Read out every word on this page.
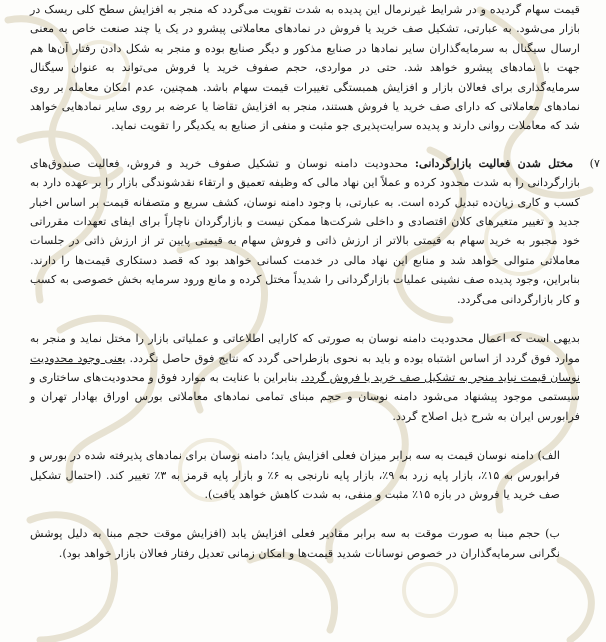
قیمت سهام گردیده و در شرایط غیرنرمال این پدیده به شدت تقویت می‌گردد که منجر به افزایش سطح کلی ریسک در بازار می‌شود. به عبارتی، تشکیل صف خرید یا فروش در نمادهای معاملاتی پیشرو در یک یا چند صنعت خاص به معنی ارسال سیگنال به سرمایه‌گذاران سایر نمادها در صنایع مذکور و دیگر صنایع بوده و منجر به شکل دادن رفتار آن‌ها هم جهت با نمادهای پیشرو خواهد شد. حتی در مواردی، حجم صفوف خرید یا فروش می‌تواند به عنوان سیگنال سرمایه‌گذاری برای فعالان بازار و افزایش همبستگی تغییرات قیمت سهام باشد. همچنین، عدم امکان معامله بر روی نمادهای معاملاتی که دارای صف خرید یا فروش هستند، منجر به افزایش تقاضا یا عرضه بر روی سایر نمادهایی خواهد شد که معاملات روانی دارند و پدیده سرایت‌پذیری جو مثبت و منفی از صنایع به یکدیگر را تقویت نماید.

۷) مختل شدن فعالیت بازارگردانی: محدودیت دامنه نوسان و تشکیل صفوف خرید و فروش، فعالیت صندوق‌های بازارگردانی را به شدت محدود کرده و عملاً این نهاد مالی که وظیفه تعمیق و ارتقاء نقدشوندگی بازار را بر عهده دارد به کسب و کاری زیان‌ده تبدیل کرده است. به عبارتی، با وجود دامنه نوسان، کشف سریع و متصفانه قیمت بر اساس اخبار جدید و تغییر متغیرهای کلان اقتصادی و داخلی شرکت‌ها ممکن نیست و بازارگردان ناچاراً برای ایفای تعهدات مقرراتی خود مجبور به خرید سهام به قیمتی بالاتر از ارزش ذاتی و فروش سهام به قیمتی پایین تر از ارزش ذاتی در جلسات معاملاتی متوالی خواهد شد و منابع این نهاد مالی در خدمت کسانی خواهد بود که قصد دستکاری قیمت‌ها را دارند. بنابراین، وجود پدیده صف نشینی عملیات بازارگردانی را شدیداً مختل کرده و مانع ورود سرمایه بخش خصوصی به کسب و کار بازارگردانی می‌گردد.

بدیهی است که اعمال محدودیت دامنه نوسان به صورتی که کارایی اطلاعاتی و عملیاتی بازار را مختل نماید و منجر به موارد فوق گردد از اساس اشتباه بوده و باید به نحوی بازطراحی گردد که نتایج فوق حاصل نگردد. یعنی وجود محدودیت نوسان قیمت نباید منجر به تشکیل صف خرید یا فروش گردد. بنابراین با عنایت به موارد فوق و محدودیت‌های ساختاری و سیستمی موجود پیشنهاد می‌شود دامنه نوسان و حجم مبنای تمامی نمادهای معاملاتی بورس اوراق بهادار تهران و فرابورس ایران به شرح ذیل اصلاح گردد.

الف) دامنه نوسان قیمت به سه برابر میزان فعلی افزایش یابد؛ دامنه نوسان برای نمادهای پذیرفته شده در بورس و فرابورس به ۱۵٪، بازار پایه زرد به ۹٪، بازار پایه نارنجی به ۶٪ و بازار پایه قرمز به ۳٪ تغییر کند. (احتمال تشکیل صف خرید یا فروش در بازه ۱۵٪ مثبت و منفی، به شدت کاهش خواهد یافت).

ب) حجم مبنا به صورت موقت به سه برابر مقادیر فعلی افزایش یابد (افزایش موقت حجم مبنا به دلیل پوشش نگرانی سرمایه‌گذاران در خصوص نوسانات شدید قیمت‌ها و امکان زمانی تعدیل رفتار فعالان بازار خواهد بود).
